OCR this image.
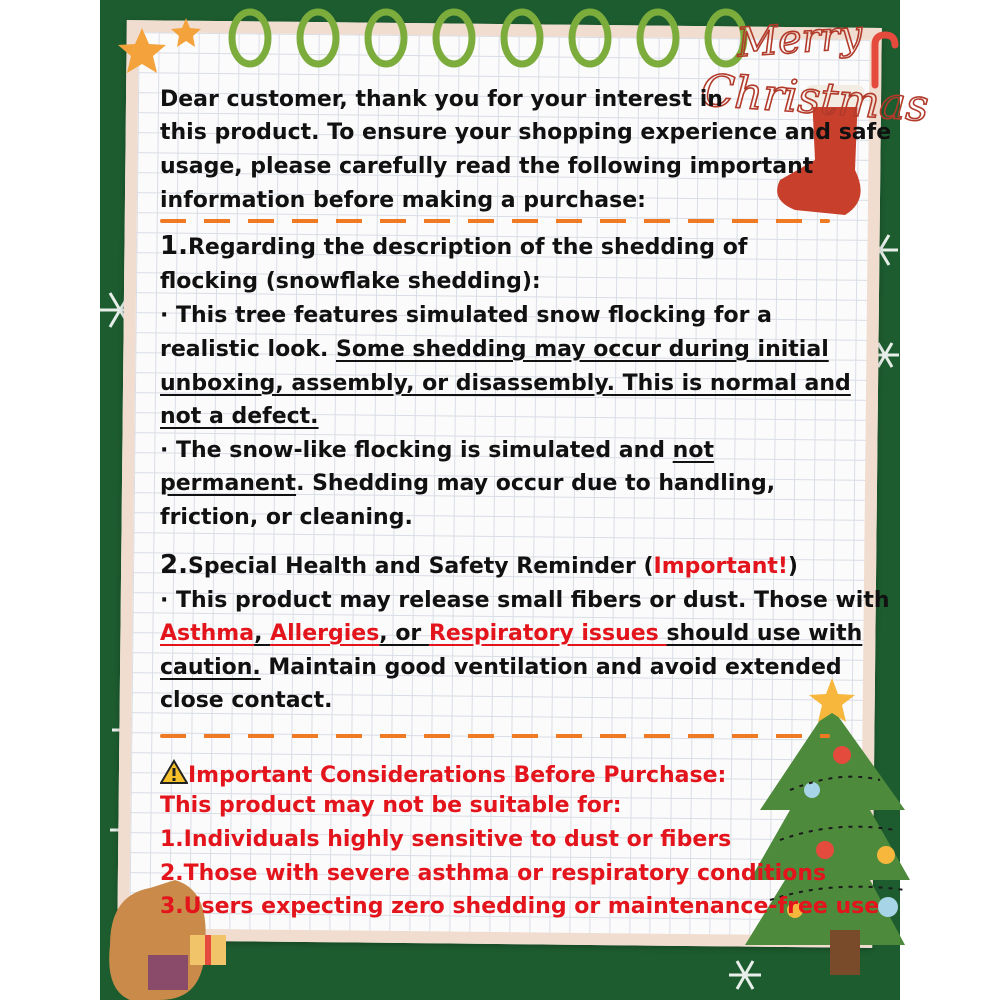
Merry
Christmas
Dear customer, thank you for your interest in
this product. To ensure your shopping experience and safe
usage, please carefully read the following important
information before making a purchase:
1.Regarding the description of the shedding of
flocking (snowflake shedding):
· This tree features simulated snow flocking for a
realistic look. Some shedding may occur during initial
unboxing, assembly, or disassembly. This is normal and
not a defect.
· The snow-like flocking is simulated and not
permanent. Shedding may occur due to handling,
friction, or cleaning.
2.Special Health and Safety Reminder (Important!)
· This product may release small fibers or dust. Those with
Asthma, Allergies, or Respiratory issues should use with
caution. Maintain good ventilation and avoid extended
close contact.
Important Considerations Before Purchase:
This product may not be suitable for:
1.Individuals highly sensitive to dust or fibers
2.Those with severe asthma or respiratory conditions
3.Users expecting zero shedding or maintenance-free use
